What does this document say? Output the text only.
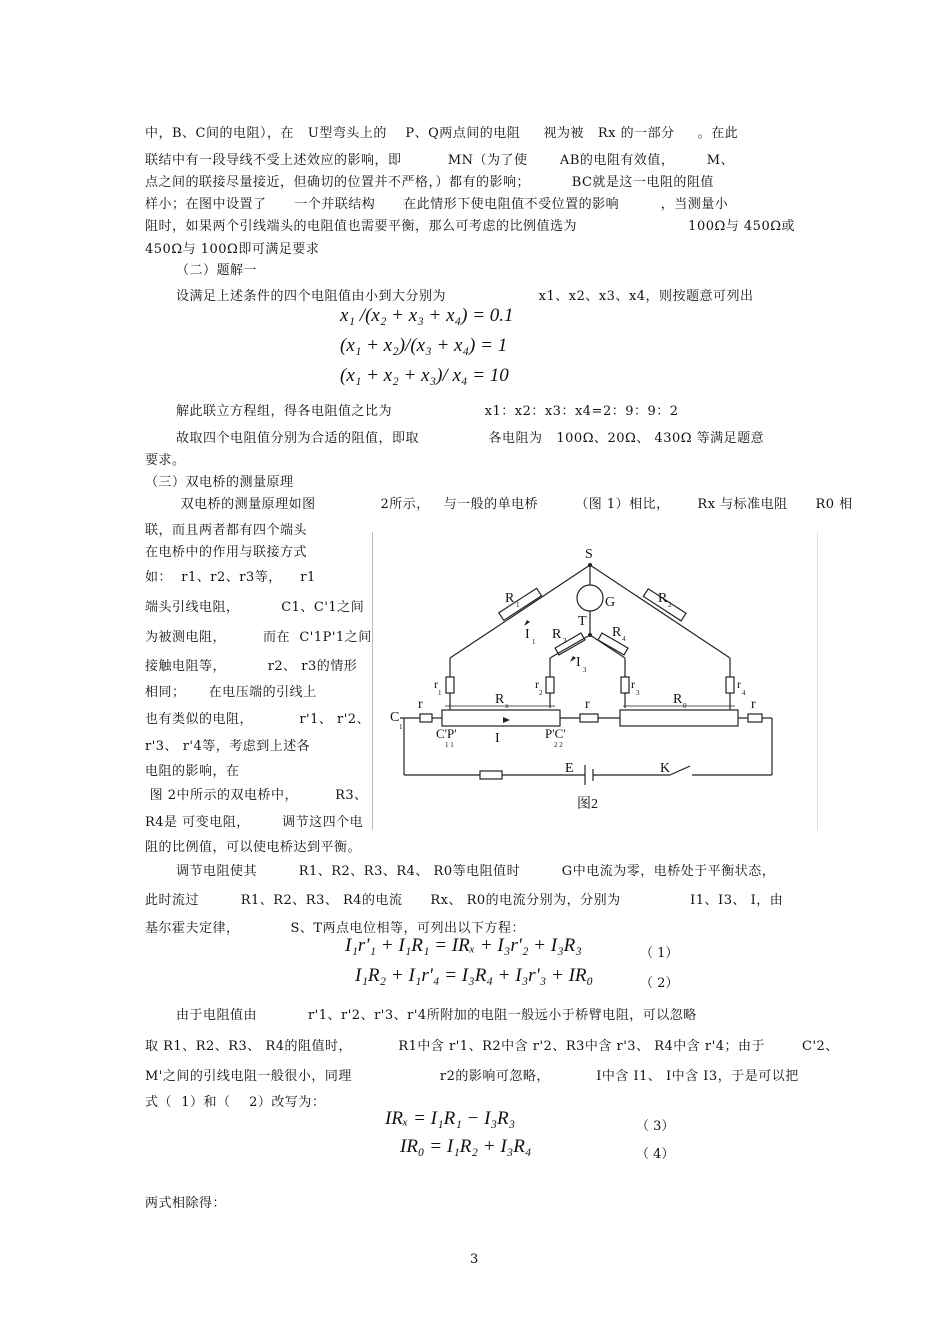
中，B、C间的电阻），在   U型弯头上的    P、Q两点间的电阻     视为被   Rx 的一部分     。在此
联结中有一段导线不受上述效应的影响，即          MN（为了使       AB的电阻有效值，       M、
点之间的联接尽量接近，但确切的位置并不严格，）都有的影响；         BC就是这一电阻的阻值
样小；在图中设置了      一个并联结构      在此情形下使电阻值不受位置的影响         ，当测量小
阻时，如果两个引线端头的电阻值也需要平衡，那么可考虑的比例值选为                        100Ω与 450Ω或
450Ω与 100Ω即可满足要求
（二）题解一
设满足上述条件的四个电阻值由小到大分别为                    x1、x2、x3、x4，则按题意可列出
解此联立方程组，得各电阻值之比为                    x1：x2：x3：x4=2：9：9：2
故取四个电阻值分别为合适的阻值，即取               各电阻为   100Ω、20Ω、 430Ω 等满足题意
要求。
（三）双电桥的测量原理
双电桥的测量原理如图              2所示，   与一般的单电桥        （图 1）相比，      Rx 与标准电阻      R0 相
联，而且两者都有四个端头
在电桥中的作用与联接方式
如：  r1、r2、r3等，    r1
端头引线电阻，         C1、C'1之间
为被测电阻，        而在  C'1P'1之间
接触电阻等，         r2、 r3的情形
相同；     在电压端的引线上
也有类似的电阻，          r'1、 r'2、
r'3、 r'4等，考虑到上述各
电阻的影响，在
图 2中所示的双电桥中，        R3、
R4是 可变电阻，       调节这四个电
阻的比例值，可以使电桥达到平衡。
调节电阻使其         R1、R2、R3、R4、 R0等电阻值时         G中电流为零，电桥处于平衡状态，
此时流过         R1、R2、R3、 R4的电流      Rx、 R0的电流分别为，分别为               I1、I3、 I，由
基尔霍夫定律，           S、T两点电位相等，可列出以下方程：
由于电阻值由           r'1、r'2、r'3、r'4所附加的电阻一般远小于桥臂电阻，可以忽略
取 R1、R2、R3、 R4的阻值时，          R1中含 r'1、R2中含 r'2、R3中含 r'3、 R4中含 r'4；由于        C'2、
M'之间的引线电阻一般很小，同理                   r2的影响可忽略，          I中含 I1、 I中含 I3，于是可以把
式（  1）和（    2）改写为：
两式相除得：
x₁ /(x₂ + x₃ + x₄) = 0.1
(x₁ + x₂)/(x₃ + x₄) = 1
(x₁ + x₂ + x₃)/ x₄ = 10
I₁r'₁ + I₁R₁ = IRₓ + I₃r'₂ + I₃R₃
I₁R₂ + I₁r'₄ = I₃R₄ + I₃r'₃ + IR₀
IRₓ = I₁R₁ − I₃R₃
IR₀ = I₁R₂ + I₃R₄
（ 1）
（ 2）
（ 3）
（ 4）
S
G
T
R 1	R 2
R 3
R 4
I 1
I 3
r
1
r
2
r
3
r
4
R x	R 0
r	r	r
C
1	C'P'
1 1
P'C'
2 2
I
E	K
图2
3
